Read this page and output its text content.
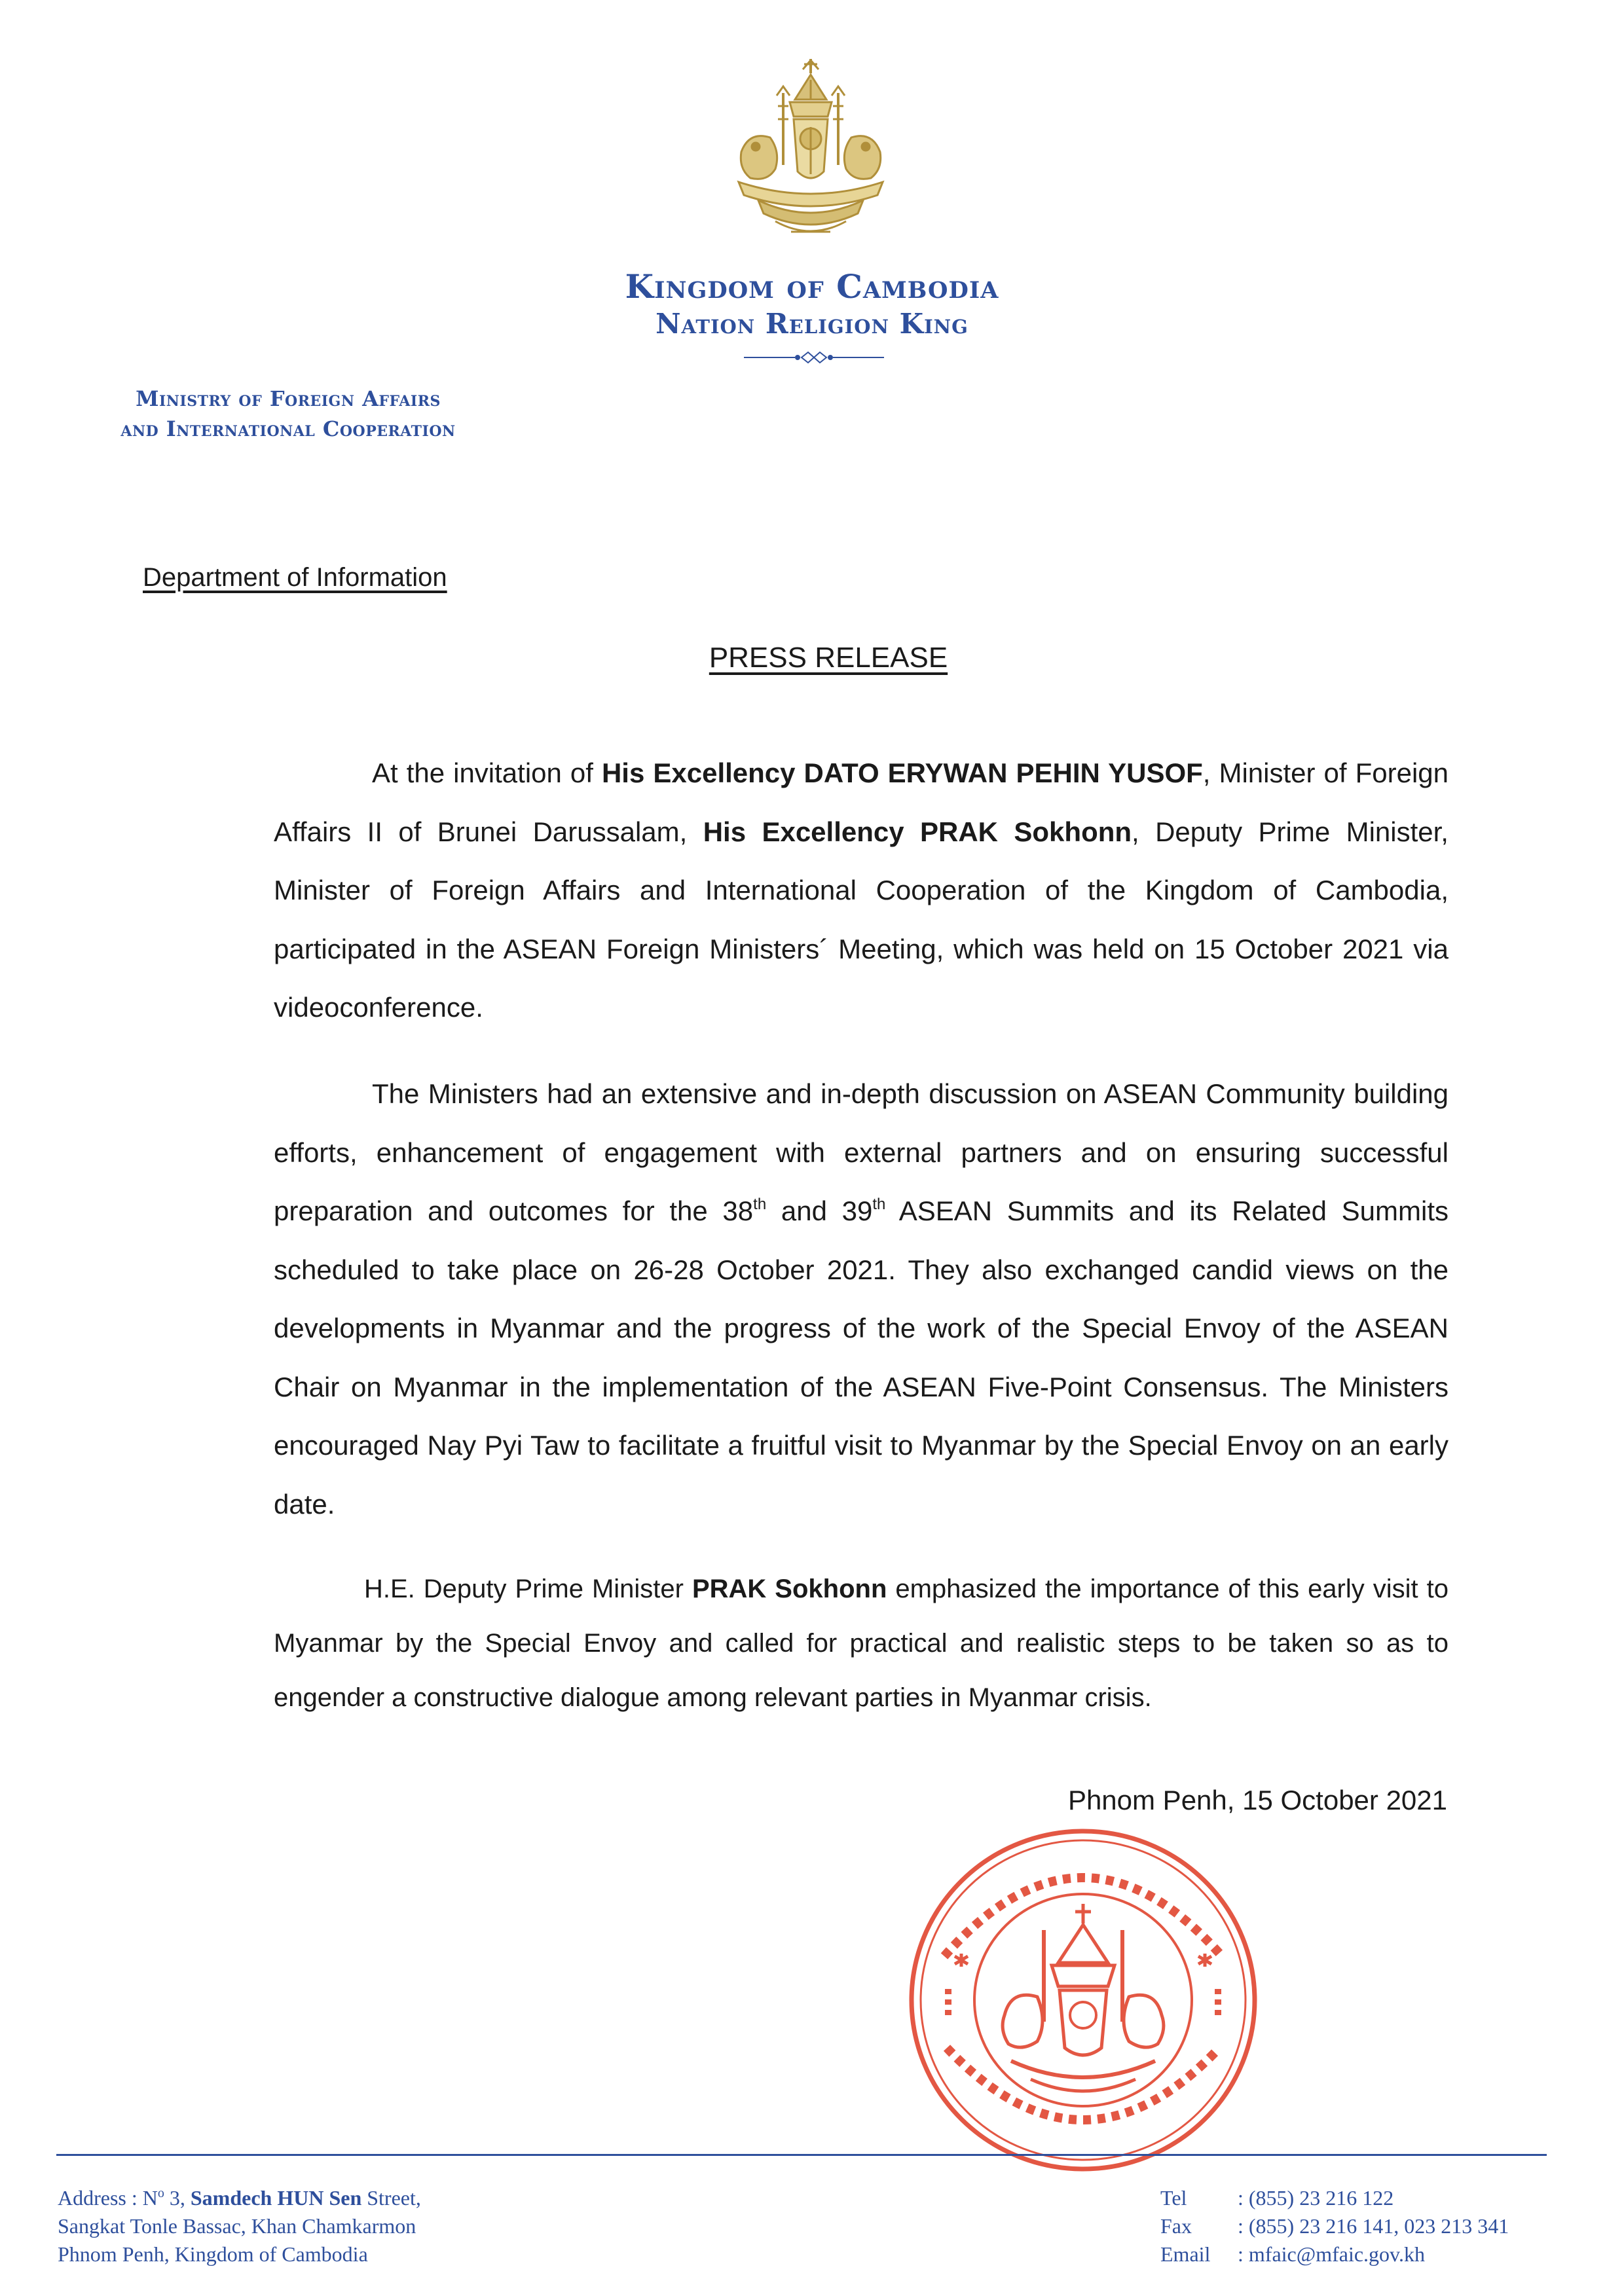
Kingdom of Cambodia
Nation Religion King
Ministry of Foreign Affairs
and International Cooperation
Department of Information
PRESS RELEASE

At the invitation of His Excellency DATO ERYWAN PEHIN YUSOF, Minister of Foreign Affairs II of Brunei Darussalam, His Excellency PRAK Sokhonn, Deputy Prime Minister, Minister of Foreign Affairs and International Cooperation of the Kingdom of Cambodia, participated in the ASEAN Foreign Ministers´ Meeting, which was held on 15 October 2021 via videoconference.

The Ministers had an extensive and in-depth discussion on ASEAN Community building efforts, enhancement of engagement with external partners and on ensuring successful preparation and outcomes for the 38th and 39th ASEAN Summits and its Related Summits scheduled to take place on 26-28 October 2021. They also exchanged candid views on the developments in Myanmar and the progress of the work of the Special Envoy of the ASEAN Chair on Myanmar in the implementation of the ASEAN Five-Point Consensus. The Ministers encouraged Nay Pyi Taw to facilitate a fruitful visit to Myanmar by the Special Envoy on an early date.

H.E. Deputy Prime Minister PRAK Sokhonn emphasized the importance of this early visit to Myanmar by the Special Envoy and called for practical and realistic steps to be taken so as to engender a constructive dialogue among relevant parties in Myanmar crisis.

Phnom Penh, 15 October 2021
Address : $N^o$ 3, Samdech HUN Sen Street,
Sangkat Tonle Bassac, Khan Chamkarmon
Phnom Penh, Kingdom of Cambodia
Tel : (855) 23 216 122
Fax : (855) 23 216 141, 023 213 341
Email : mfaic@mfaic.gov.kh
